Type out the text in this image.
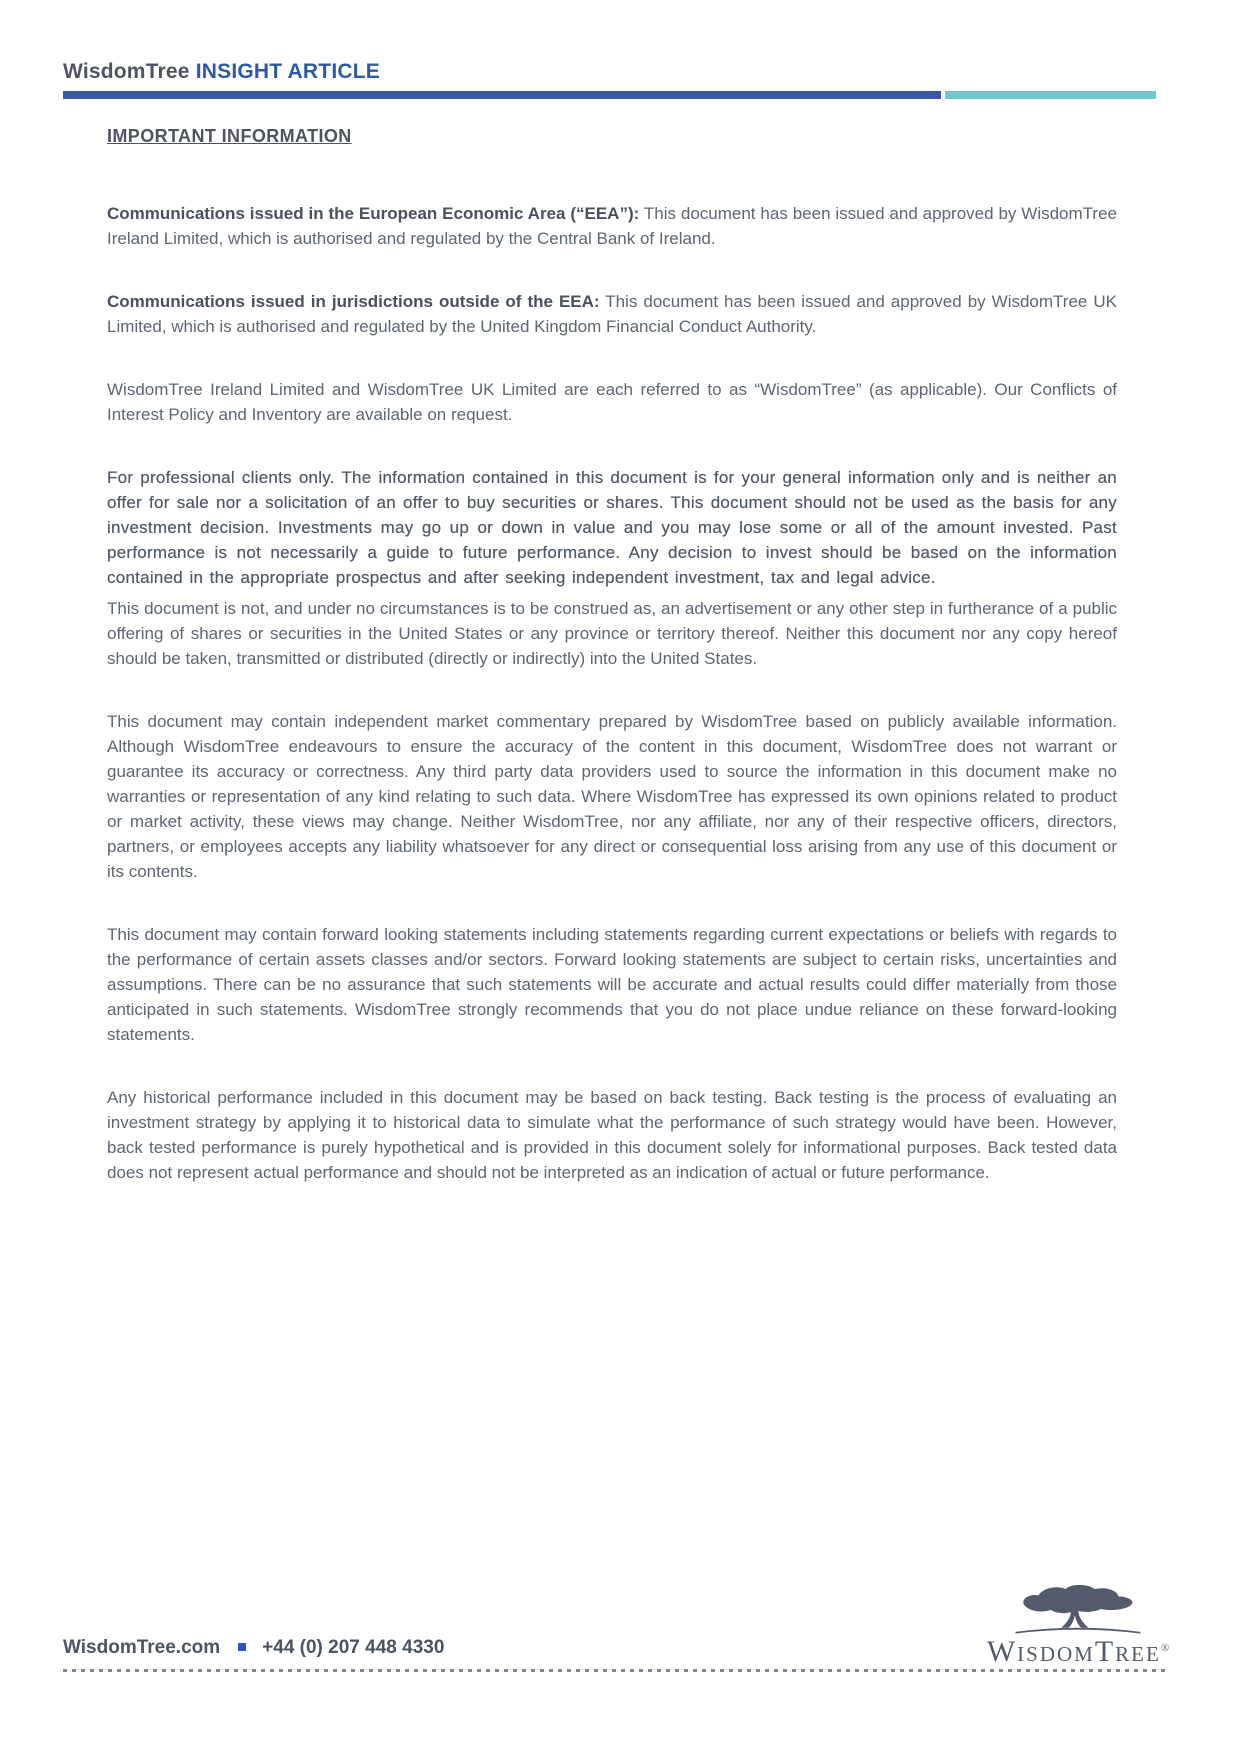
WisdomTree INSIGHT ARTICLE
IMPORTANT INFORMATION

Communications issued in the European Economic Area (“EEA”): This document has been issued and approved by WisdomTree Ireland Limited, which is authorised and regulated by the Central Bank of Ireland.

Communications issued in jurisdictions outside of the EEA: This document has been issued and approved by WisdomTree UK Limited, which is authorised and regulated by the United Kingdom Financial Conduct Authority.

WisdomTree Ireland Limited and WisdomTree UK Limited are each referred to as “WisdomTree” (as applicable). Our Conflicts of Interest Policy and Inventory are available on request.

For professional clients only. The information contained in this document is for your general information only and is neither an offer for sale nor a solicitation of an offer to buy securities or shares. This document should not be used as the basis for any investment decision. Investments may go up or down in value and you may lose some or all of the amount invested. Past performance is not necessarily a guide to future performance. Any decision to invest should be based on the information contained in the appropriate prospectus and after seeking independent investment, tax and legal advice.

This document is not, and under no circumstances is to be construed as, an advertisement or any other step in furtherance of a public offering of shares or securities in the United States or any province or territory thereof. Neither this document nor any copy hereof should be taken, transmitted or distributed (directly or indirectly) into the United States.

This document may contain independent market commentary prepared by WisdomTree based on publicly available information. Although WisdomTree endeavours to ensure the accuracy of the content in this document, WisdomTree does not warrant or guarantee its accuracy or correctness. Any third party data providers used to source the information in this document make no warranties or representation of any kind relating to such data. Where WisdomTree has expressed its own opinions related to product or market activity, these views may change. Neither WisdomTree, nor any affiliate, nor any of their respective officers, directors, partners, or employees accepts any liability whatsoever for any direct or consequential loss arising from any use of this document or its contents.

This document may contain forward looking statements including statements regarding current expectations or beliefs with regards to the performance of certain assets classes and/or sectors. Forward looking statements are subject to certain risks, uncertainties and assumptions. There can be no assurance that such statements will be accurate and actual results could differ materially from those anticipated in such statements. WisdomTree strongly recommends that you do not place undue reliance on these forward-looking statements.

Any historical performance included in this document may be based on back testing. Back testing is the process of evaluating an investment strategy by applying it to historical data to simulate what the performance of such strategy would have been. However, back tested performance is purely hypothetical and is provided in this document solely for informational purposes. Back tested data does not represent actual performance and should not be interpreted as an indication of actual or future performance.

WisdomTree®
WisdomTree.com +44 (0) 207 448 4330
